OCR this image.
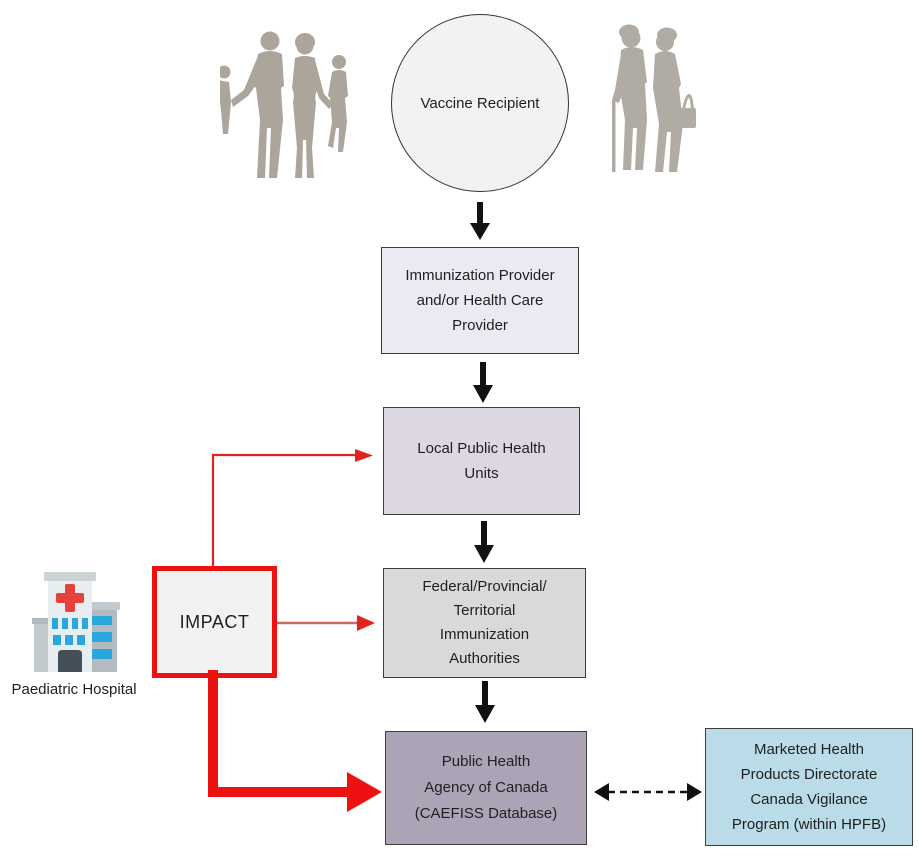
Vaccine Recipient
Immunization Provider
and/or Health Care
Provider
Local Public Health
Units
Federal/Provincial/
Territorial
Immunization
Authorities
Public Health
Agency of Canada
(CAEFISS Database)
Marketed Health
Products Directorate
Canada Vigilance
Program (within HPFB)
Paediatric Hospital
IMPACT
